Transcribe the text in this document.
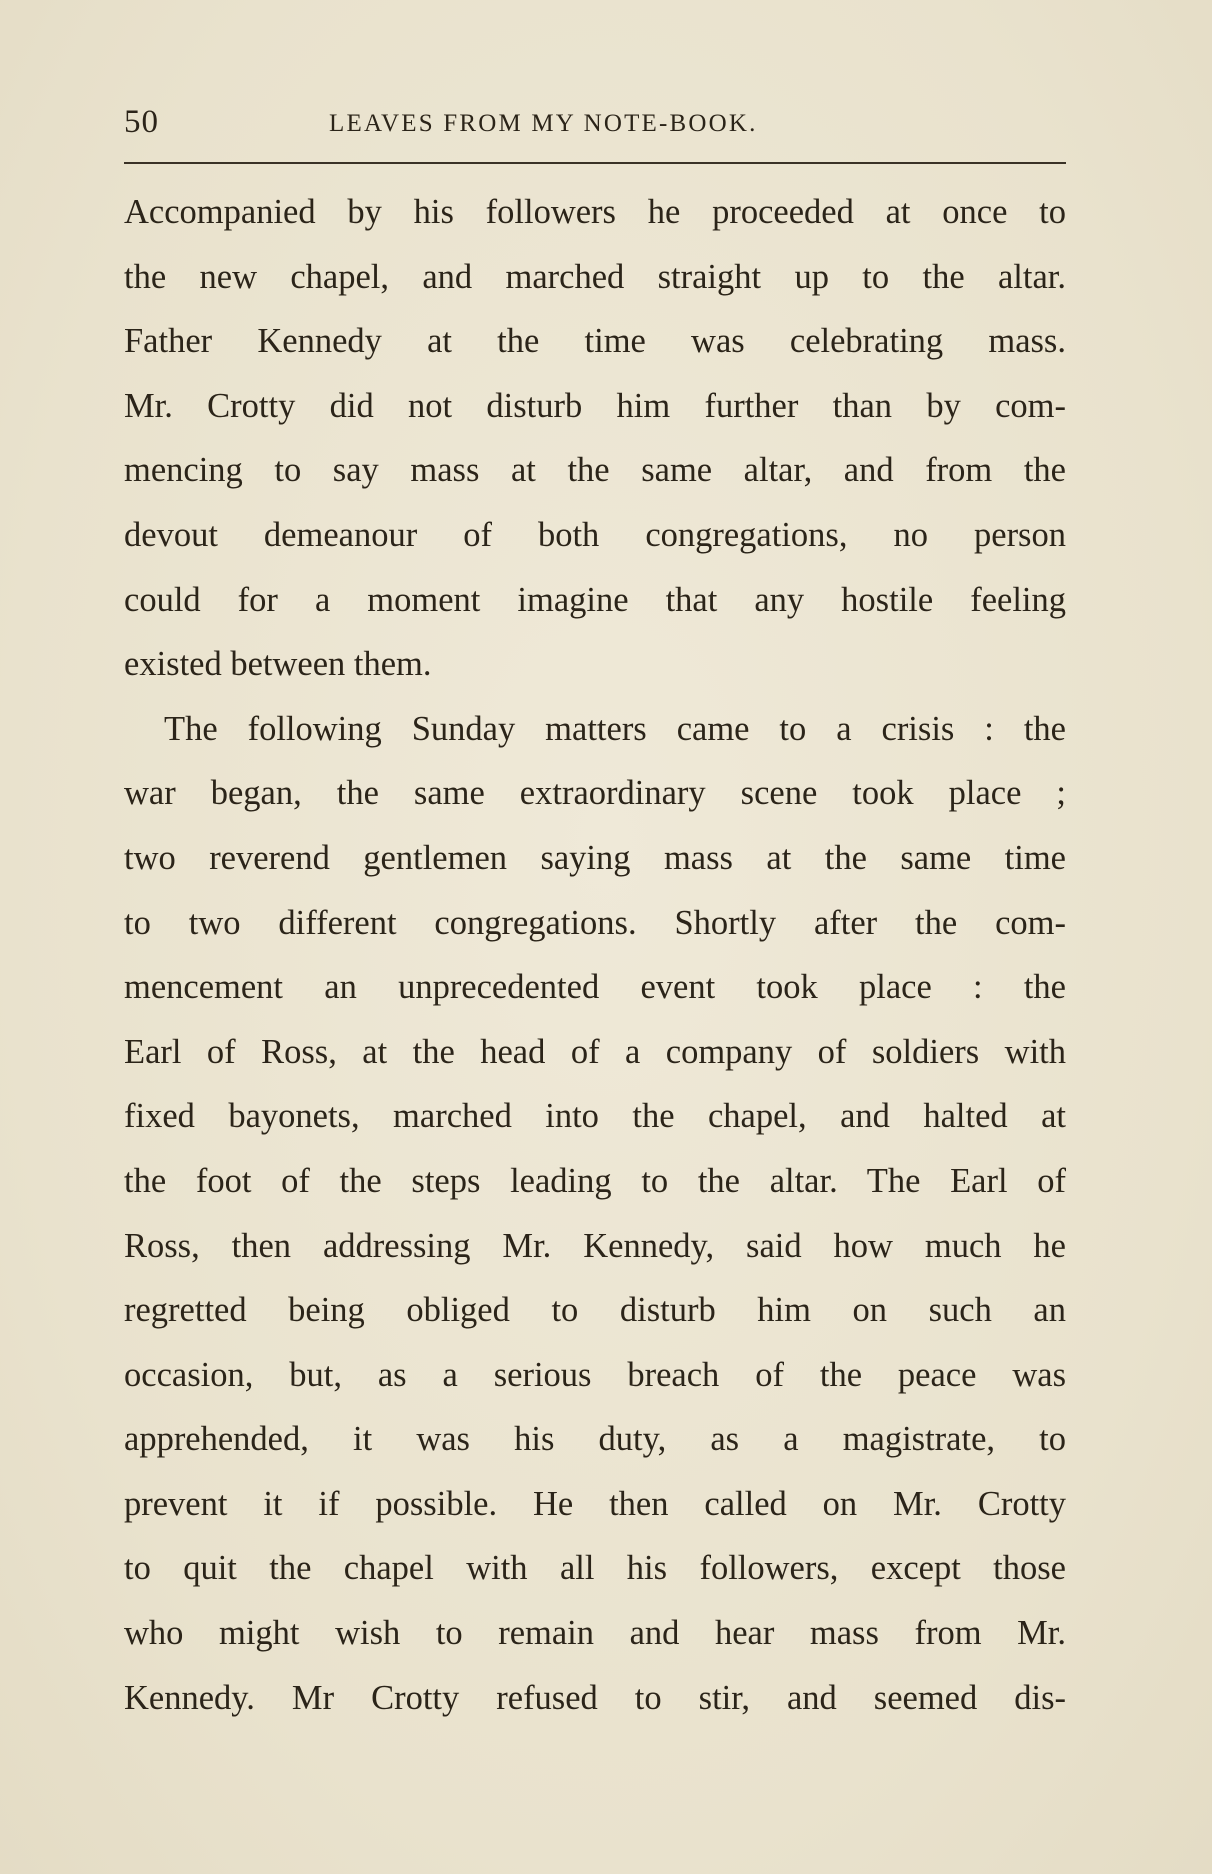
50	LEAVES FROM MY NOTE-BOOK.
Accompanied by his followers he proceeded at once to
the new chapel, and marched straight up to the altar.
Father Kennedy at the time was celebrating mass.
Mr. Crotty did not disturb him further than by com-
mencing to say mass at the same altar, and from the
devout demeanour of both congregations, no person
could for a moment imagine that any hostile feeling
existed between them.
The following Sunday matters came to a crisis : the
war began, the same extraordinary scene took place ;
two reverend gentlemen saying mass at the same time
to two different congregations. Shortly after the com-
mencement an unprecedented event took place : the
Earl of Ross, at the head of a company of soldiers with
fixed bayonets, marched into the chapel, and halted at
the foot of the steps leading to the altar. The Earl of
Ross, then addressing Mr. Kennedy, said how much he
regretted being obliged to disturb him on such an
occasion, but, as a serious breach of the peace was
apprehended, it was his duty, as a magistrate, to
prevent it if possible. He then called on Mr. Crotty
to quit the chapel with all his followers, except those
who might wish to remain and hear mass from Mr.
Kennedy. Mr Crotty refused to stir, and seemed dis-
